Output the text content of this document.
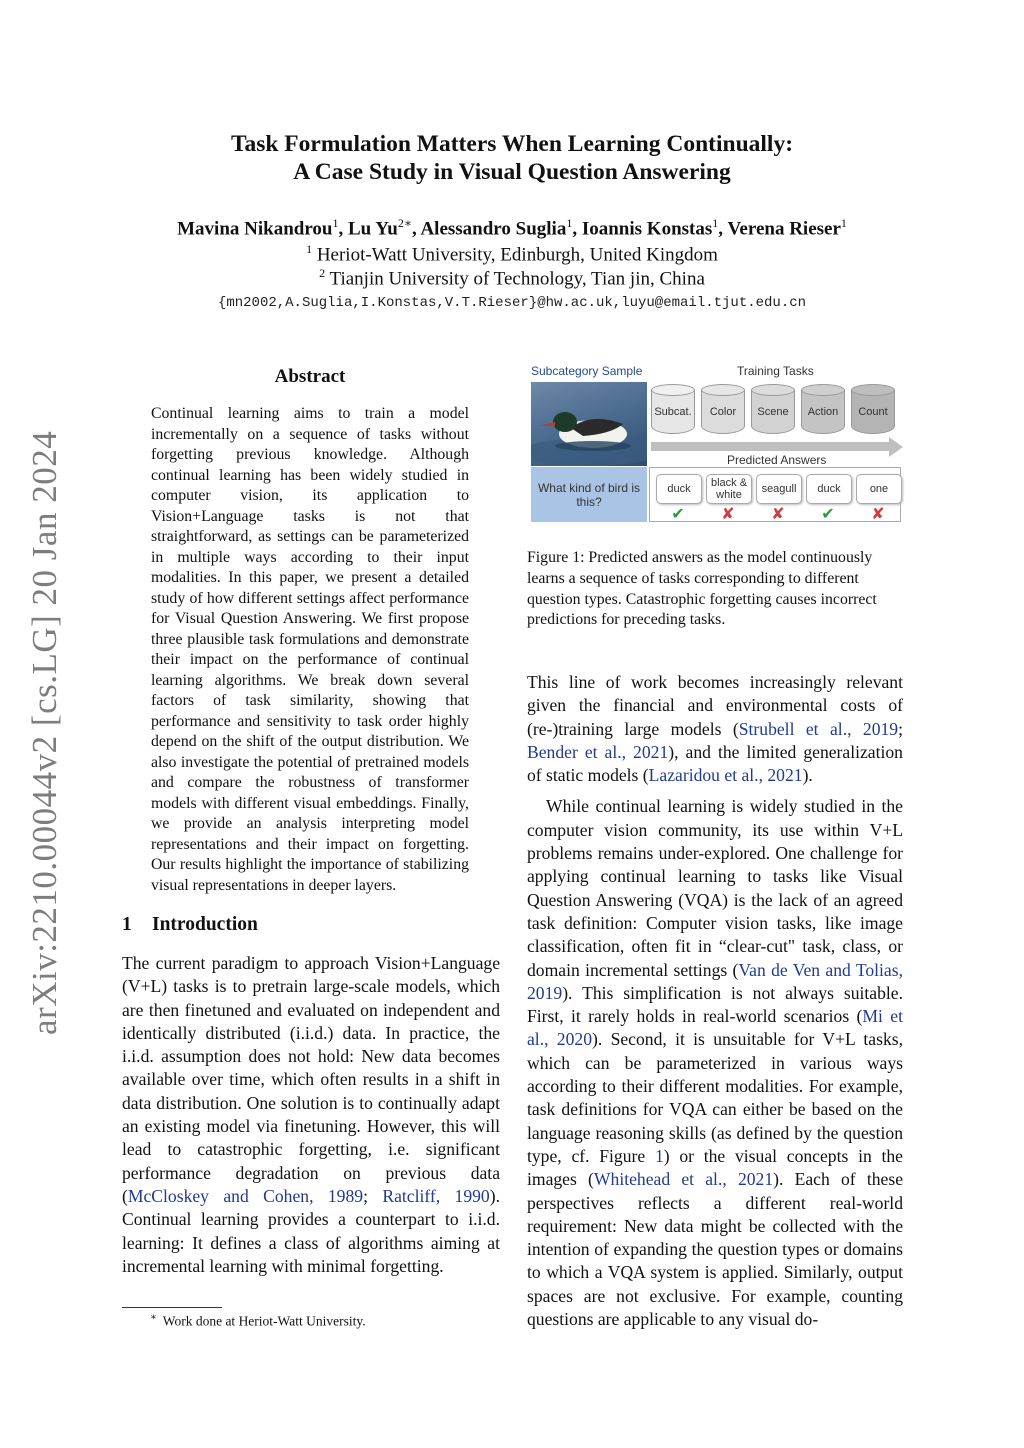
arXiv:2210.00044v2 [cs.LG] 20 Jan 2024
Task Formulation Matters When Learning Continually:
A Case Study in Visual Question Answering
Mavina Nikandrou$^1$, Lu $Yu^{2∗}$, Alessandro Suglia$^1$, Ioannis Konstas$^1$, Verena Rieser$^1$
$^1$ Heriot-Watt University, Edinburgh, United Kingdom
$^2$ Tianjin University of Technology, Tian jin, China
{mn2002,A.Suglia,I.Konstas,V.T.Rieser}@hw.ac.uk,luyu@email.tjut.edu.cn
Abstract
Continual learning aims to train a model incrementally on a sequence of tasks without forgetting previous knowledge. Although continual learning has been widely studied in computer vision, its application to Vision+Language tasks is not that straightforward, as settings can be parameterized in multiple ways according to their input modalities. In this paper, we present a detailed study of how different settings affect performance for Visual Question Answering. We first propose three plausible task formulations and demonstrate their impact on the performance of continual learning algorithms. We break down several factors of task similarity, showing that performance and sensitivity to task order highly depend on the shift of the output distribution. We also investigate the potential of pretrained models and compare the robustness of transformer models with different visual embeddings. Finally, we provide an analysis interpreting model representations and their impact on forgetting. Our results highlight the importance of stabilizing visual representations in deeper layers.
1 Introduction

The current paradigm to approach Vision+Language (V+L) tasks is to pretrain large-scale models, which are then finetuned and evaluated on independent and identically distributed (i.i.d.) data. In practice, the i.i.d. assumption does not hold: New data becomes available over time, which often results in a shift in data distribution. One solution is to continually adapt an existing model via finetuning. However, this will lead to catastrophic forgetting, i.e. significant performance degradation on previous data (McCloskey and Cohen, 1989; Ratcliff, 1990). Continual learning provides a counterpart to i.i.d. learning: It defines a class of algorithms aiming at incremental learning with minimal forgetting.

∗ Work done at Heriot-Watt University.
Subcategory Sample	Training Tasks
Subcat.	Color	Scene	Action	Count
Predicted Answers
What kind of bird is this?
duck	black & white	seagull	duck	one
✔	✘	✘	✔	✘
Figure 1: Predicted answers as the model continuously learns a sequence of tasks corresponding to different question types. Catastrophic forgetting causes incorrect predictions for preceding tasks.

This line of work becomes increasingly relevant given the financial and environmental costs of (re-)training large models (Strubell et al., 2019; Bender et al., 2021), and the limited generalization of static models (Lazaridou et al., 2021).

While continual learning is widely studied in the computer vision community, its use within V+L problems remains under-explored. One challenge for applying continual learning to tasks like Visual Question Answering (VQA) is the lack of an agreed task definition: Computer vision tasks, like image classification, often fit in “clear-cut" task, class, or domain incremental settings (Van de Ven and Tolias, 2019). This simplification is not always suitable. First, it rarely holds in real-world scenarios (Mi et al., 2020). Second, it is unsuitable for V+L tasks, which can be parameterized in various ways according to their different modalities. For example, task definitions for VQA can either be based on the language reasoning skills (as defined by the question type, cf. Figure 1) or the visual concepts in the images (Whitehead et al., 2021). Each of these perspectives reflects a different real-world requirement: New data might be collected with the intention of expanding the question types or domains to which a VQA system is applied. Similarly, output spaces are not exclusive. For example, counting questions are applicable to any visual do-
